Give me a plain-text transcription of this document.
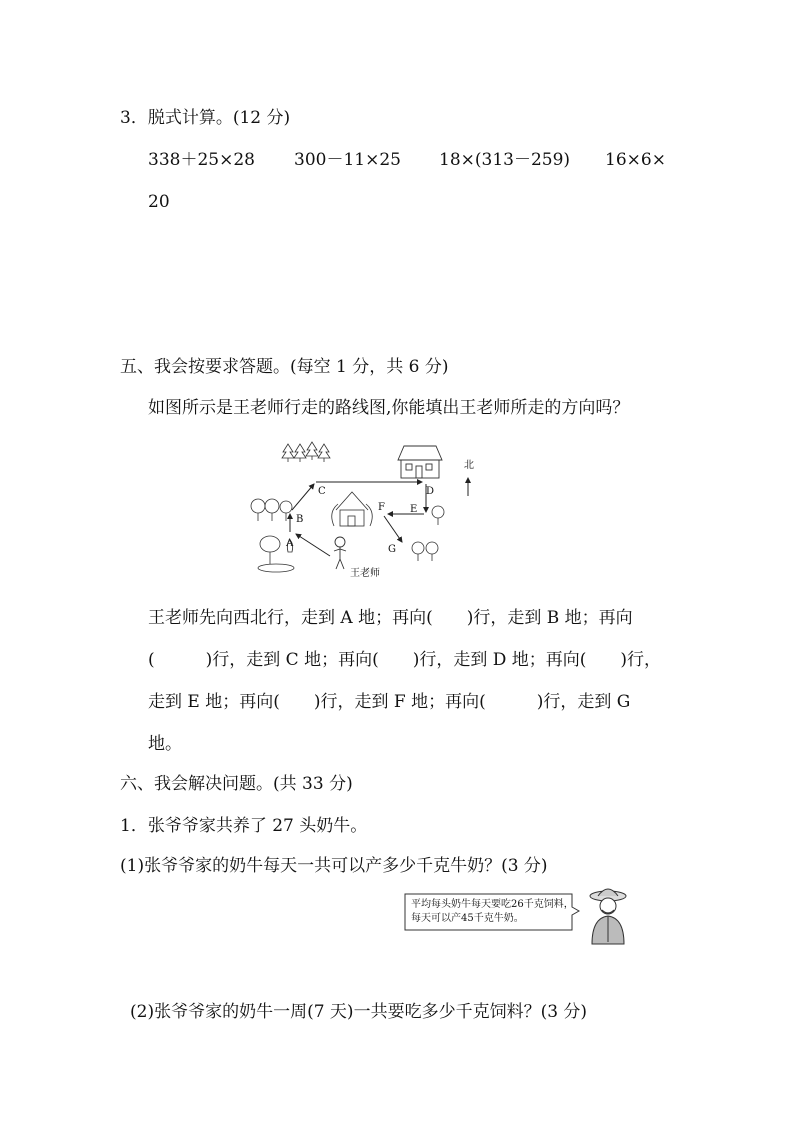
3．脱式计算。(12 分)
338＋25×28 300－11×25 18×(313－259) 16×6×
20
五、我会按要求答题。(每空 1 分，共 6 分)
如图所示是王老师行走的路线图,你能填出王老师所走的方向吗？
A
B
C	D
E
F
G
北
王老师
王老师先向西北行，走到 A 地；再向(　　)行，走到 B 地；再向
(　　　)行，走到 C 地；再向(　　)行，走到 D 地；再向(　　)行，
走到 E 地；再向(　　)行，走到 F 地；再向(　　　)行，走到 G
地。
六、我会解决问题。(共 33 分)
1．张爷爷家共养了 27 头奶牛。
(1)张爷爷家的奶牛每天一共可以产多少千克牛奶？(3 分)
平均每头奶牛每天要吃26千克饲料，每天可以产45千克牛奶。
(2)张爷爷家的奶牛一周(7 天)一共要吃多少千克饲料？(3 分)
